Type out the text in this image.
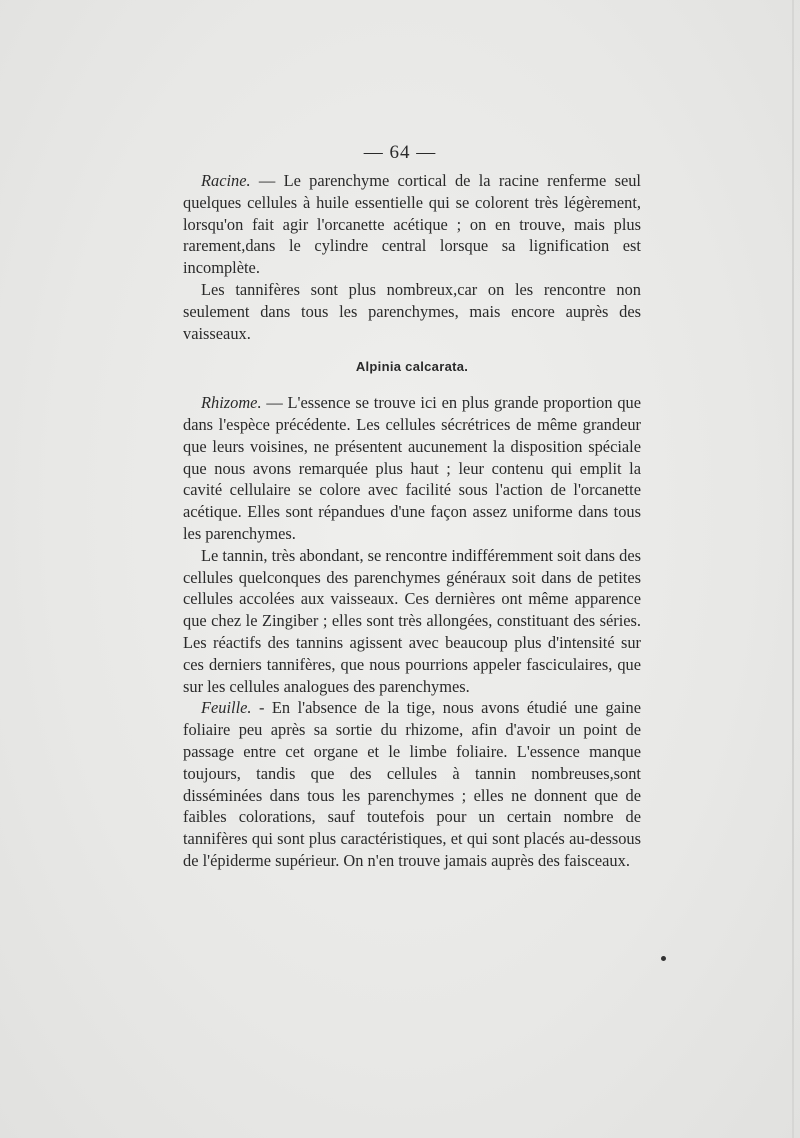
— 64 —

Racine. — Le parenchyme cortical de la racine renferme seul quelques cellules à huile essentielle qui se colorent très légèrement, lorsqu'on fait agir l'orcanette acétique ; on en trouve, mais plus rarement,dans le cylindre central lorsque sa lignification est incomplète.

Les tannifères sont plus nombreux,car on les rencontre non seulement dans tous les parenchymes, mais encore auprès des vaisseaux.

Alpinia calcarata.

Rhizome. — L'essence se trouve ici en plus grande proportion que dans l'espèce précédente. Les cellules sécrétrices de même grandeur que leurs voisines, ne présentent aucunement la disposition spéciale que nous avons remarquée plus haut ; leur contenu qui emplit la cavité cellulaire se colore avec facilité sous l'action de l'orcanette acétique. Elles sont répandues d'une façon assez uniforme dans tous les parenchymes.

Le tannin, très abondant, se rencontre indifféremment soit dans des cellules quelconques des parenchymes généraux soit dans de petites cellules accolées aux vaisseaux. Ces dernières ont même apparence que chez le Zingiber ; elles sont très allongées, constituant des séries. Les réactifs des tannins agissent avec beaucoup plus d'intensité sur ces derniers tannifères, que nous pourrions appeler fasciculaires, que sur les cellules analogues des parenchymes.

Feuille. - En l'absence de la tige, nous avons étudié une gaine foliaire peu après sa sortie du rhizome, afin d'avoir un point de passage entre cet organe et le limbe foliaire. L'essence manque toujours, tandis que des cellules à tannin nombreuses,sont disséminées dans tous les parenchymes ; elles ne donnent que de faibles colorations, sauf toutefois pour un certain nombre de tannifères qui sont plus caractéristiques, et qui sont placés au-dessous de l'épiderme supérieur. On n'en trouve jamais auprès des faisceaux.
